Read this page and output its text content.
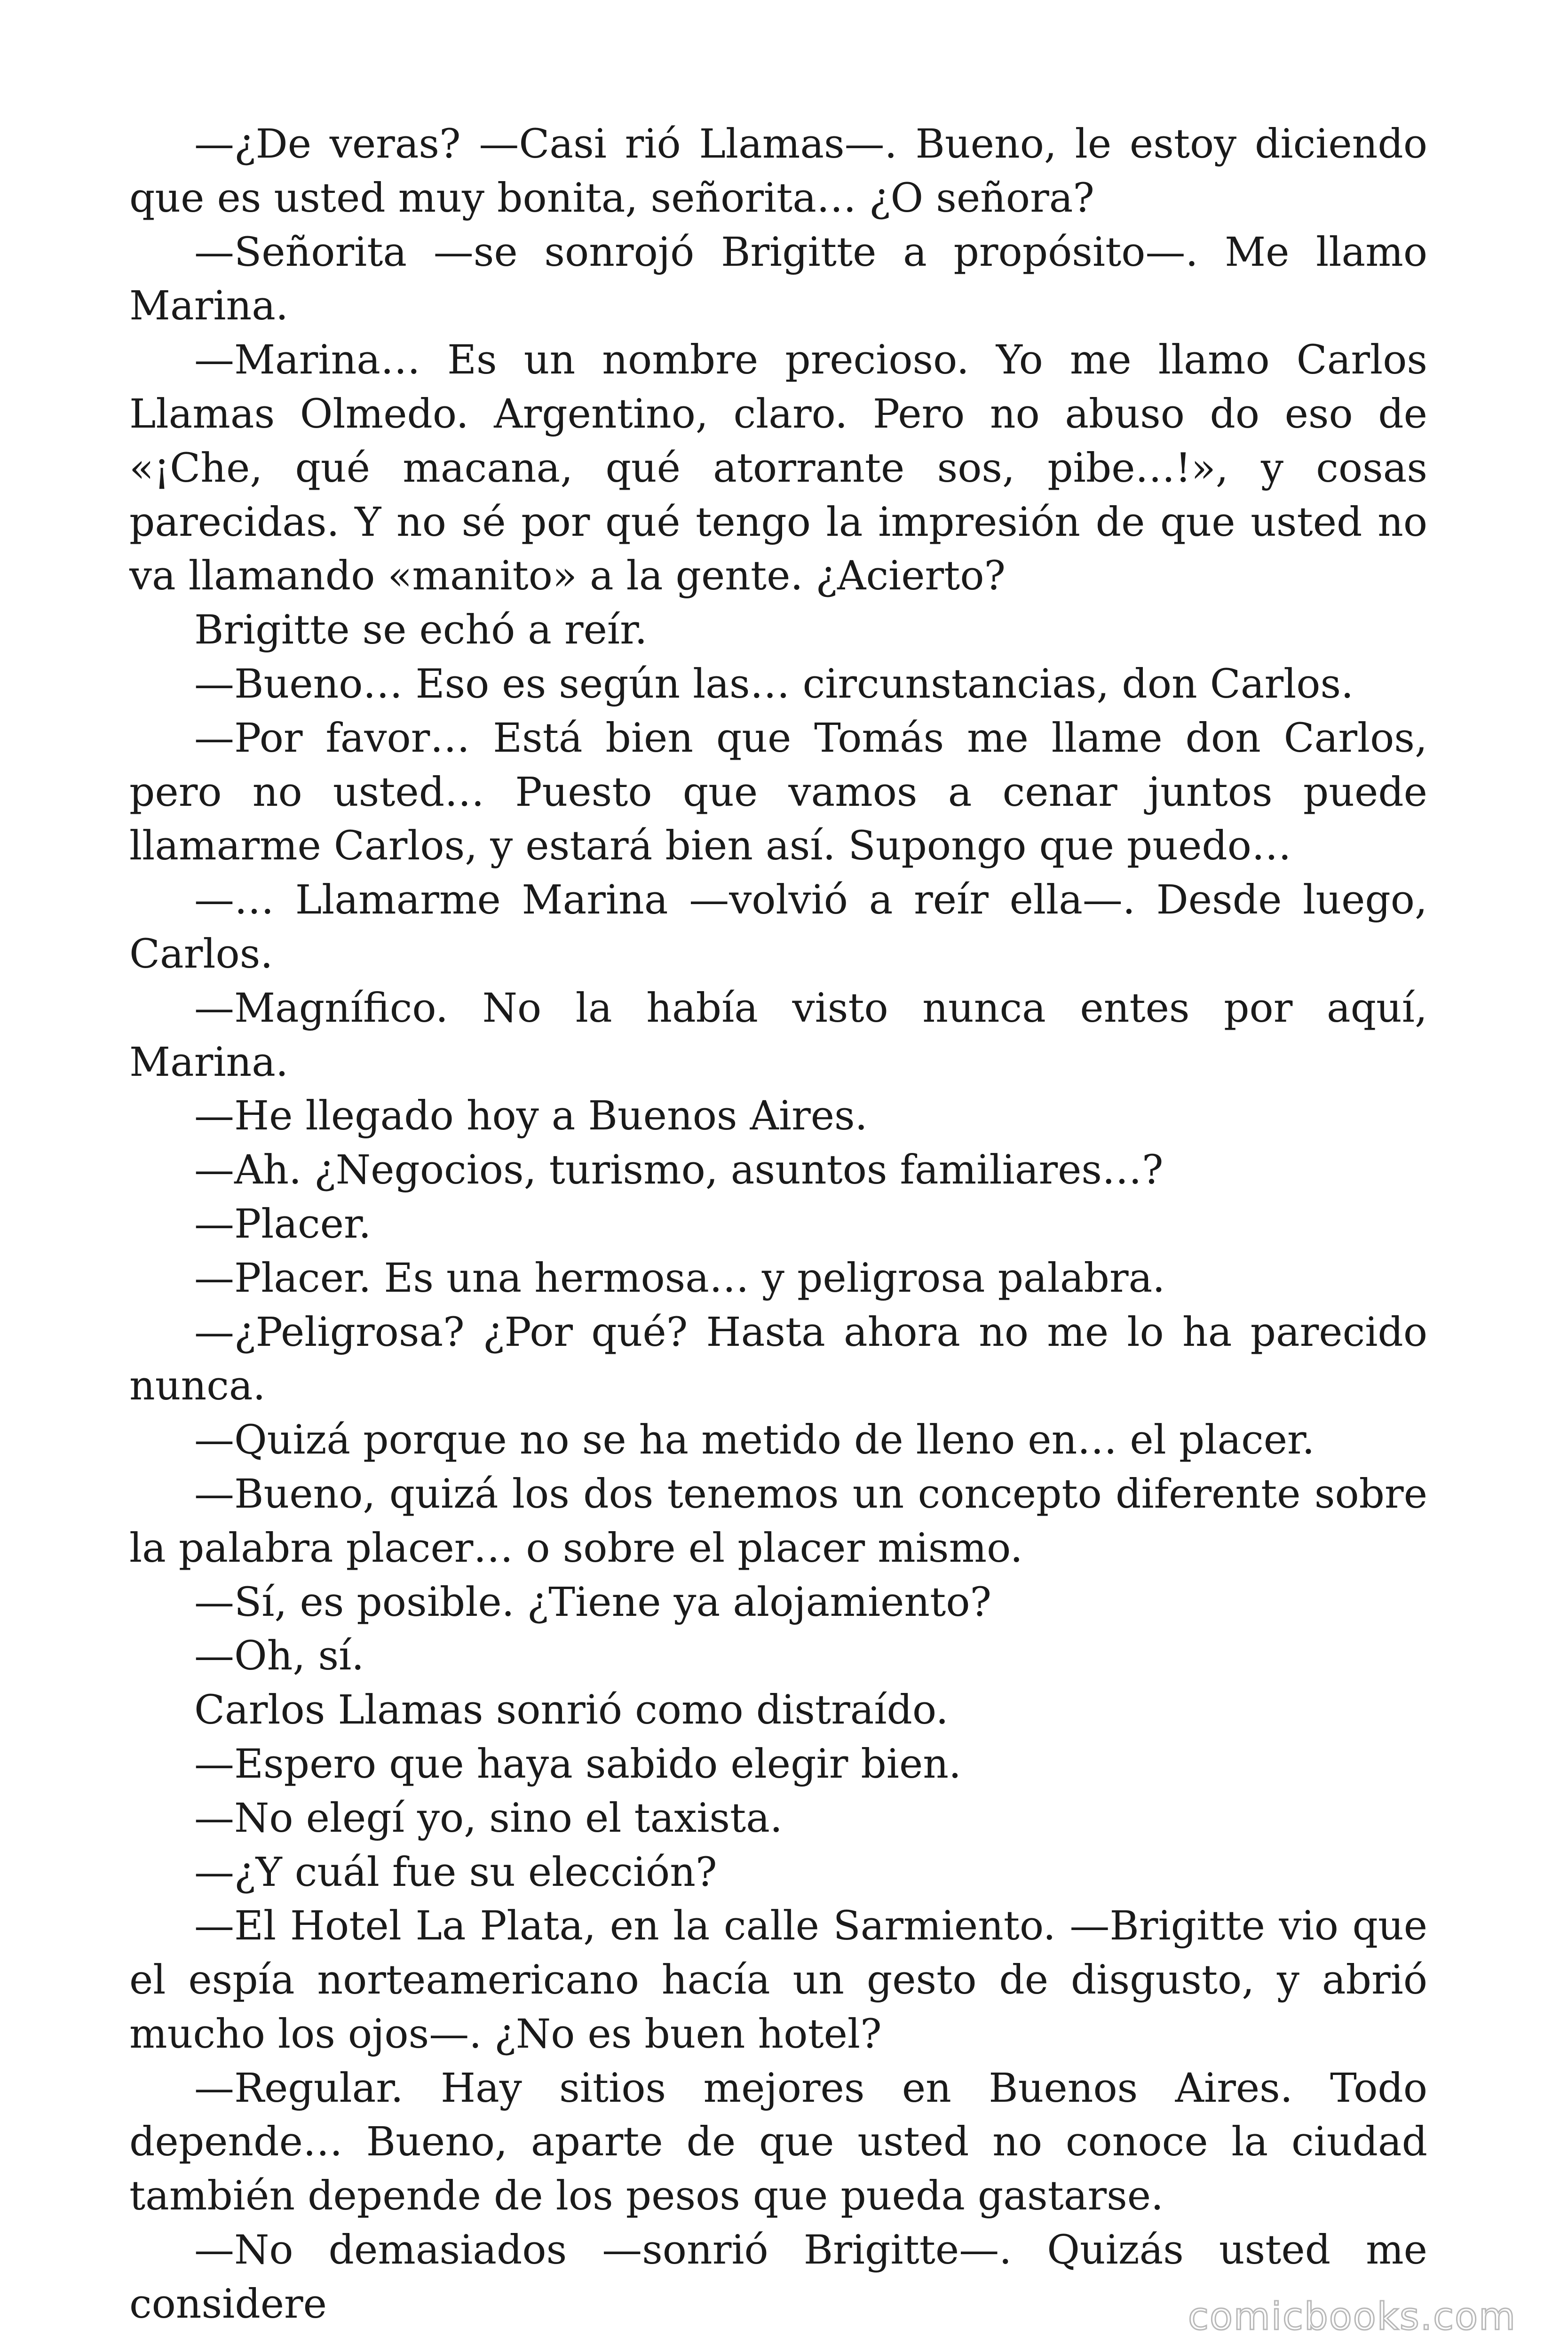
—¿De veras? —Casi rió Llamas—. Bueno, le estoy diciendo que es usted muy bonita, señorita… ¿O señora?

—Señorita —se sonrojó Brigitte a propósito—. Me llamo Marina.

—Marina… Es un nombre precioso. Yo me llamo Carlos Llamas Olmedo. Argentino, claro. Pero no abuso do eso de «¡Che, qué macana, qué atorrante sos, pibe…!», y cosas parecidas. Y no sé por qué tengo la impresión de que usted no va llamando «manito» a la gente. ¿Acierto?

Brigitte se echó a reír.

—Bueno… Eso es según las… circunstancias, don Carlos.

—Por favor… Está bien que Tomás me llame don Carlos, pero no usted… Puesto que vamos a cenar juntos puede llamarme Carlos, y estará bien así. Supongo que puedo…

—… Llamarme Marina —volvió a reír ella—. Desde luego, Carlos.

—Magnífico. No la había visto nunca entes por aquí, Marina.

—He llegado hoy a Buenos Aires.

—Ah. ¿Negocios, turismo, asuntos familiares…?

—Placer.

—Placer. Es una hermosa… y peligrosa palabra.

—¿Peligrosa? ¿Por qué? Hasta ahora no me lo ha parecido nunca.

—Quizá porque no se ha metido de lleno en… el placer.

—Bueno, quizá los dos tenemos un concepto diferente sobre la palabra placer… o sobre el placer mismo.

—Sí, es posible. ¿Tiene ya alojamiento?

—Oh, sí.

Carlos Llamas sonrió como distraído.

—Espero que haya sabido elegir bien.

—No elegí yo, sino el taxista.

—¿Y cuál fue su elección?

—El Hotel La Plata, en la calle Sarmiento. —Brigitte vio que el espía norteamericano hacía un gesto de disgusto, y abrió mucho los ojos—. ¿No es buen hotel?

—Regular. Hay sitios mejores en Buenos Aires. Todo depende… Bueno, aparte de que usted no conoce la ciudad también depende de los pesos que pueda gastarse.

—No demasiados —sonrió Brigitte—. Quizás usted me considere	comicbooks.com
